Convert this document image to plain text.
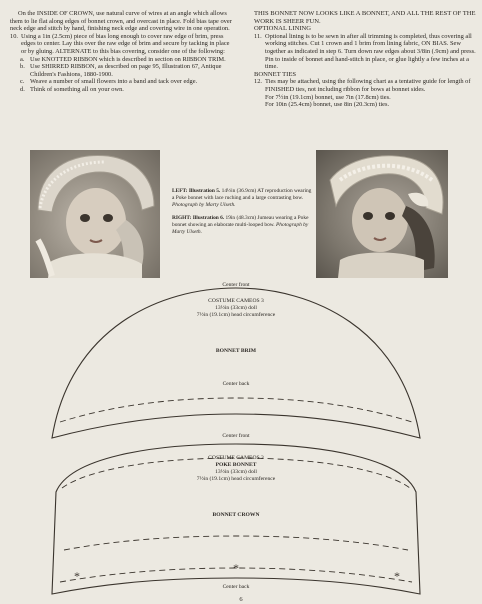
On the INSIDE OF CROWN, use natural curve of wires at an angle which allows them to lie flat along edges of bonnet crown, and overcast in place. Fold bias tape over neck edge and stitch by hand, finishing neck edge and covering wire in one operation.

10. Using a 1in (2.5cm) piece of bias long enough to cover raw edge of brim, press edges to center. Lay this over the raw edge of brim and secure by tacking in place or by gluing. ALTERNATE to this bias covering, consider one of the following:
a. Use KNOTTED RIBBON which is described in section on RIBBON TRIM.
b. Use SHIRRED RIBBON, as described on page 95, Illustration 67, Antique Children's Fashions, 1880-1900.
c. Weave a number of small flowers into a band and tack over edge.
d. Think of something all on your own.

THIS BONNET NOW LOOKS LIKE A BONNET, AND ALL THE REST OF THE WORK IS SHEER FUN.

OPTIONAL LINING

11. Optional lining is to be sewn in after all trimming is completed, thus covering all working stitches. Cut 1 crown and 1 brim from lining fabric, ON BIAS. Sew together as indicated in step 6. Turn down raw edges about 3/8in (.9cm) and press. Pin to inside of bonnet and hand-stitch in place, or glue lightly a few inches at a time.

BONNET TIES

12. Ties may be attached, using the following chart as a tentative guide for length of FINISHED ties, not including ribbon for bows at bonnet sides.

For 7½in (19.1cm) bonnet, use 7in (17.8cm) ties.

For 10in (25.4cm) bonnet, use 8in (20.3cm) ties.

LEFT: Illustration 5. 14½in (36.9cm) AT reproduction wearing a Poke bonnet with lace ruching and a large contrasting bow. Photograph by Marty Ulseth.

RIGHT: Illustration 6. 19in (48.3cm) Jumeau wearing a Poke bonnet showing an elaborate multi-looped bow. Photograph by Marty Ulseth.

*
*
*
Center front
COSTUME CAMEOS 3
13½in (33cm) doll
7½in (19.1cm) head circumference
BONNET BRIM
Center back
Center front
COSTUME CAMEOS 3
POKE BONNET
13½in (33cm) doll
7½in (19.1cm) head circumference
BONNET CROWN
Center back
6
